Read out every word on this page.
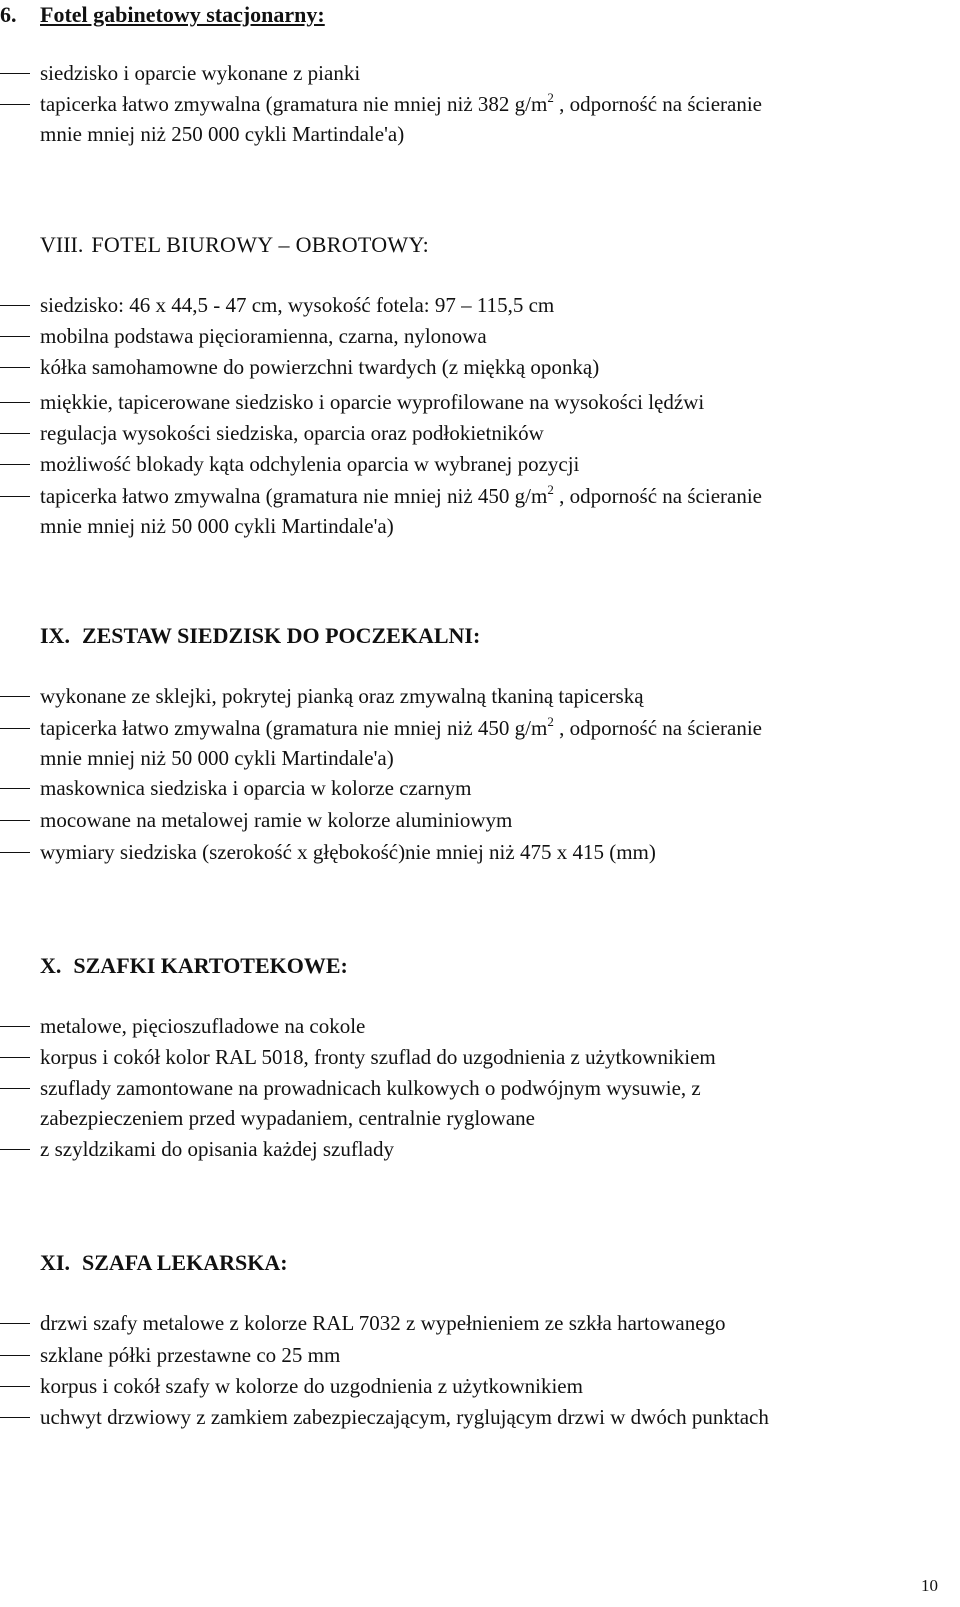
6. Fotel gabinetowy stacjonarny:
siedzisko i oparcie wykonane z pianki
tapicerka łatwo zmywalna (gramatura nie mniej niż 382 $g/m^2$ , odporność na ścieranie
mnie mniej niż 250 000 cykli Martindale'a)
VIII. FOTEL BIUROWY – OBROTOWY:
siedzisko: 46 x 44,5 - 47 cm, wysokość fotela: 97 – 115,5 cm
mobilna podstawa pięcioramienna, czarna, nylonowa
kółka samohamowne do powierzchni twardych (z miękką oponką)
miękkie, tapicerowane siedzisko i oparcie wyprofilowane na wysokości lędźwi
regulacja wysokości siedziska, oparcia oraz podłokietników
możliwość blokady kąta odchylenia oparcia w wybranej pozycji
tapicerka łatwo zmywalna (gramatura nie mniej niż 450 $g/m^2$ , odporność na ścieranie
mnie mniej niż 50 000 cykli Martindale'a)
IX. ZESTAW SIEDZISK DO POCZEKALNI:
wykonane ze sklejki, pokrytej pianką oraz zmywalną tkaniną tapicerską
tapicerka łatwo zmywalna (gramatura nie mniej niż 450 $g/m^2$ , odporność na ścieranie
mnie mniej niż 50 000 cykli Martindale'a)
maskownica siedziska i oparcia w kolorze czarnym
mocowane na metalowej ramie w kolorze aluminiowym
wymiary siedziska (szerokość x głębokość)nie mniej niż 475 x 415 (mm)
X. SZAFKI KARTOTEKOWE:
metalowe, pięcioszufladowe na cokole
korpus i cokół kolor RAL 5018, fronty szuflad do uzgodnienia z użytkownikiem
szuflady zamontowane na prowadnicach kulkowych o podwójnym wysuwie, z
zabezpieczeniem przed wypadaniem, centralnie ryglowane
z szyldzikami do opisania każdej szuflady
XI. SZAFA LEKARSKA:
drzwi szafy metalowe z kolorze RAL 7032 z wypełnieniem ze szkła hartowanego
szklane półki przestawne co 25 mm
korpus i cokół szafy w kolorze do uzgodnienia z użytkownikiem
uchwyt drzwiowy z zamkiem zabezpieczającym, ryglującym drzwi w dwóch punktach
10
